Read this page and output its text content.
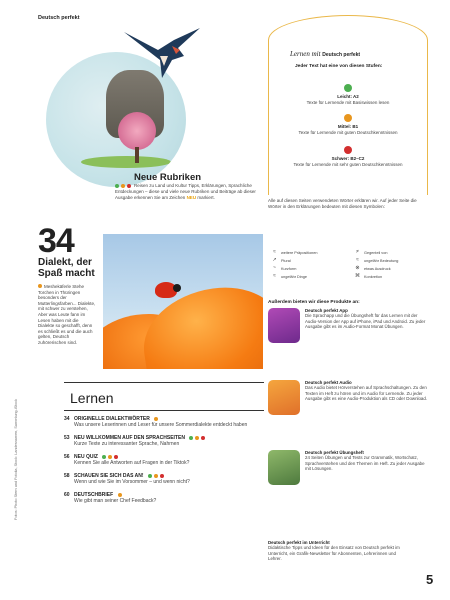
Deutsch perfekt
Neue Rubriken
Reisen zu Land und Kultur Tipps, Erklärungen, Sprachliche Entdeckungen – diese und viele neue Rubriken und Beiträge ab dieser Ausgabe erkennen Sie am Zeichen NEU markiert.
34
Dialekt, der Spaß macht
Meshekäferle Stehe Torchen in Thüringen besonders der Mutterlingsfarben... Dialekte, mit schwer zu verstehen, Aber was Leute fann im Lesen haben mit die Dialekte so geschafft, denn es schließt es und die auch gelten, Deutsch zuhörerischen sind.
Lernen
34 ORIGINELLE DIALEKTWÖRTER
Was unsere Leserinnen und Leser für unsere Sommerdialekte entdeckt haben
53 NEU WILLKOMMEN AUF DEN SPRACHSEITEN
Kurze Texte zu interessanter Sprache, Nahrnen
56 NEU QUIZ
Kennen Sie alle Antworten auf Fragen in der Tiktok?
58 SCHAUEN SIE SICH DAS AN!
Wenn und wie Sie im Vorsommer – und wenn nicht?
60 DEUTSCHBRIEF
Wie gibt man seiner Chef Feedback?
Fotos: Photo Stern und Fotolia, Stock: Landesnamen, Sammlung-iStock
Lernen mit Deutsch perfekt
Jeder Text hat eine von diesen Stufen:
Leicht: A2
Texte für Lernende mit Basiswissen lesen
Mittel: B1
Texte für Lernende mit guten Deutschkenntnissen
Schwer: B2–C2
Texte für Lernende mit sehr guten Deutschkenntnissen
Alle auf diesen Seiten verwendeten Wörter erklären wir. Auf jeder Seite die Wörter in den Erklärungen bedeuten mit diesen Symbolen:
≈	weitere Präpositionen	≠	Gegenteil von
↗	Plural	≈	ungefähr Bedeutung
~	Kurzform	⊗	etwas Ausdruck
≈	ungefähr Dinge	⌘	Konkretion
Außerdem bieten wir diese Produkte an:
Deutsch perfekt App
Die Sprachapp und die Übungsheft für das Lernen mit der Audio-Version der App auf iPhone, iPad und Android. Zu jeder Ausgabe gibt es im Audio-Format Monat Übungen.
Deutsch perfekt Audio
Das Audio bietet Hörverstehen auf Sprachschaltungen. Zu den Texten im Heft zu hören und im Audio für Lernende. Zu jeder Ausgabe gibt es eine Audio-Produktion als CD oder Download.
Deutsch perfekt Übungsheft
24 Seiten Übungen und Tests zur Grammatik, Wortschatz, Sprachverstehen und den Themen im Heft. Zu jeder Ausgabe mit Lösungen.
Deutsch perfekt im Unterricht
Didaktische Tipps und Ideen für den Einsatz von Deutsch perfekt im Unterricht, ein Grafik-Newsletter für Abonnenten, Lehrerinnen und Lehrer.
5
